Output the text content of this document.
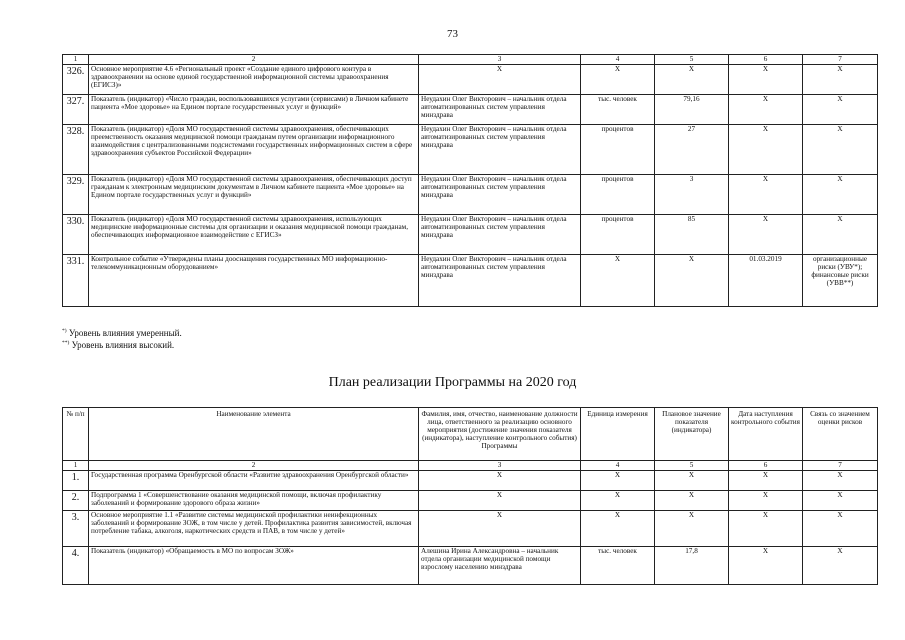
73
1	2	3	4	5	6	7
326.	Основное мероприятие 4.6 «Региональный проект «Создание единого цифрового контура в здравоохранении на основе единой государственной информационной системы здравоохранения (ЕГИСЗ)»	X	X	X	X	X
327.	Показатель (индикатор) «Число граждан, воспользовавшихся услугами (сервисами) в Личном кабинете пациента «Мое здоровье» на Едином портале государственных услуг и функций»	Неудахин Олег Викторович – начальник отдела автоматизированных систем управления минздрава	тыс. человек	79,16	X	X
328.	Показатель (индикатор) «Доля МО государственной системы здравоохранения, обеспечивающих преемственность оказания медицинской помощи гражданам путем организации информационного взаимодействия с централизованными подсистемами государственных информационных систем в сфере здравоохранения субъектов Российской Федерации»	Неудахин Олег Викторович – начальник отдела автоматизированных систем управления минздрава	процентов	27	X	X
329.	Показатель (индикатор) «Доля МО государственной системы здравоохранения, обеспечивающих доступ гражданам к электронным медицинским документам в Личном кабинете пациента «Мое здоровье» на Едином портале государственных услуг и функций»	Неудахин Олег Викторович – начальник отдела автоматизированных систем управления минздрава	процентов	3	X	X
330.	Показатель (индикатор) «Доля МО государственной системы здравоохранения, использующих медицинские информационные системы для организации и оказания медицинской помощи гражданам, обеспечивающих информационное взаимодействие с ЕГИСЗ»	Неудахин Олег Викторович – начальник отдела автоматизированных систем управления минздрава	процентов	85	X	X
331.	Контрольное событие «Утверждены планы дооснащения государственных МО информационно-телекоммуникационным оборудованием»	Неудахин Олег Викторович – начальник отдела автоматизированных систем управления минздрава	X	X	01.03.2019	организационные риски (УВУ*); финансовые риски (УВВ**)
*) Уровень влияния умеренный.
**) Уровень влияния высокий.
План реализации Программы на 2020 год
№ п/п	Наименование элемента	Фамилия, имя, отчество, наименование должности лица, ответственного за реализацию основного мероприятия (достижение значения показателя (индикатора), наступление контрольного события) Программы	Единица измерения	Плановое значение показателя (индикатора)	Дата наступления контрольного события	Связь со значением оценки рисков
1	2	3	4	5	6	7
1.	Государственная программа Оренбургской области «Развитие здравоохранения Оренбургской области»	X	X	X	X	X
2.	Подпрограмма 1 «Совершенствование оказания медицинской помощи, включая профилактику заболеваний и формирование здорового образа жизни»	X	X	X	X	X
3.	Основное мероприятие 1.1 «Развитие системы медицинской профилактики неинфекционных заболеваний и формирование ЗОЖ, в том числе у детей. Профилактика развития зависимостей, включая потребление табака, алкоголя, наркотических средств и ПАВ, в том числе у детей»	X	X	X	X	X
4.	Показатель (индикатор) «Обращаемость в МО по вопросам ЗОЖ»	Алешина Ирина Александровна – начальник отдела организации медицинской помощи взрослому населению минздрава	тыс. человек	17,8	X	X
